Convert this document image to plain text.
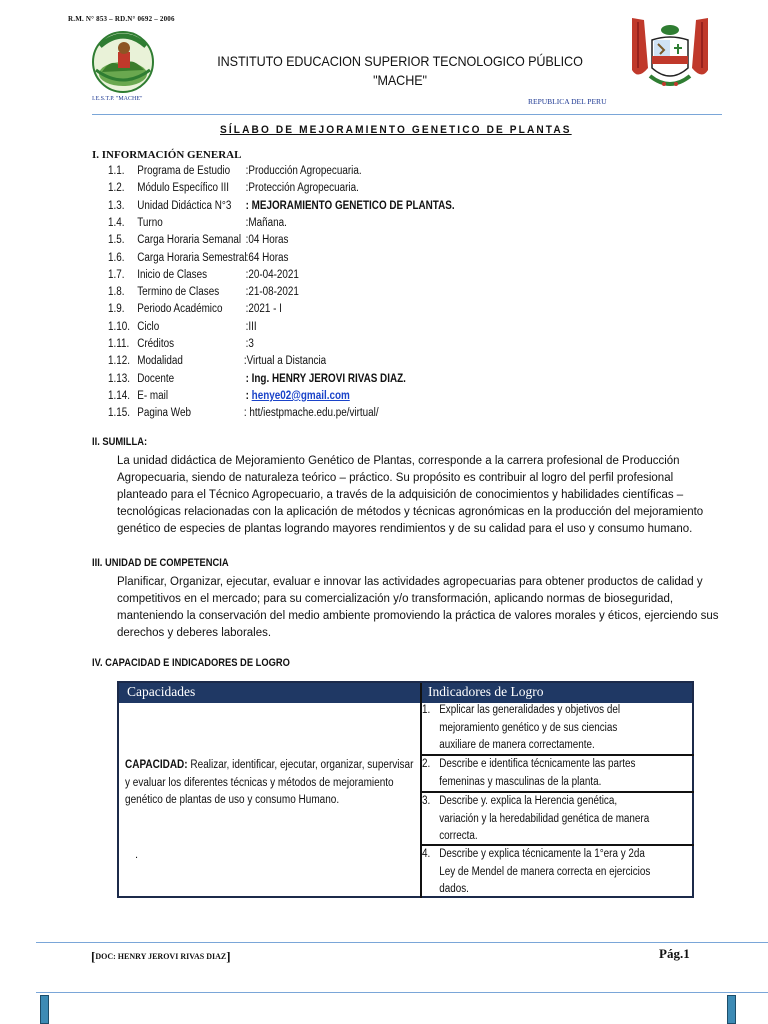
R.M. N° 853 – RD.N° 0692 – 2006
I.E.S.T.P. "MACHE"
INSTITUTO EDUCACION SUPERIOR TECNOLOGICO PÚBLICO
"MACHE"
REPUBLICA DEL PERU
SÍLABO DE MEJORAMIENTO GENETICO DE PLANTAS
I. INFORMACIÓN GENERAL
1.1. Programa de Estudio :Producción Agropecuaria.
1.2. Módulo Específico III :Protección Agropecuaria.
1.3. Unidad Didáctica N°3 : MEJORAMIENTO GENETICO DE PLANTAS.
1.4. Turno	:Mañana.
1.5. Carga Horaria Semanal :04 Horas
1.6. Carga Horaria Semestral
:64 Horas
1.7. Inicio de Clases	:20-04-2021
1.8. Termino de Clases :21-08-2021
1.9. Periodo Académico :2021 - I
1.10. Ciclo	:III
1.11. Créditos	:3
1.12. Modalidad	:Virtual a Distancia
1.13. Docente	: Ing. HENRY JEROVI RIVAS DIAZ.
1.14. E- mail	: henye02@gmail.com
1.15. Pagina Web	: htt/iestpmache.edu.pe/virtual/
II. SUMILLA:

La unidad didáctica de Mejoramiento Genético de Plantas, corresponde a la carrera profesional de Producción

Agropecuaria, siendo de naturaleza teórico – práctico. Su propósito es contribuir al logro del perfil profesional

planteado para el Técnico Agropecuario, a través de la adquisición de conocimientos y habilidades científicas –

tecnológicas relacionadas con la aplicación de métodos y técnicas agronómicas en la producción del mejoramiento

genético de especies de plantas logrando mayores rendimientos y de su calidad para el uso y consumo humano.

III. UNIDAD DE COMPETENCIA

Planificar, Organizar, ejecutar, evaluar e innovar las actividades agropecuarias para obtener productos de calidad y

competitivos en el mercado; para su comercialización y/o transformación, aplicando normas de bioseguridad,

manteniendo la conservación del medio ambiente promoviendo la práctica de valores morales y éticos, ejerciendo sus

derechos y deberes laborales.

IV. CAPACIDAD E INDICADORES DE LOGRO
Capacidades	Indicadores de Logro
CAPACIDAD: Realizar, identificar, ejecutar, organizar, supervisar y evaluar los diferentes técnicas y métodos de mejoramiento genético de plantas de uso y consumo Humano.
.
1. Explicar las generalidades y objetivos del
mejoramiento genético y de sus ciencias
auxiliare de manera correctamente.
2. Describe e identifica técnicamente las partes
femeninas y masculinas de la planta.
3. Describe y. explica la Herencia genética,
variación y la heredabilidad genética de manera
correcta.
4. Describe y explica técnicamente la 1°era y 2da
Ley de Mendel de manera correcta en ejercicios
dados.
[DOC: HENRY JEROVI RIVAS DIAZ]	Pág.1
